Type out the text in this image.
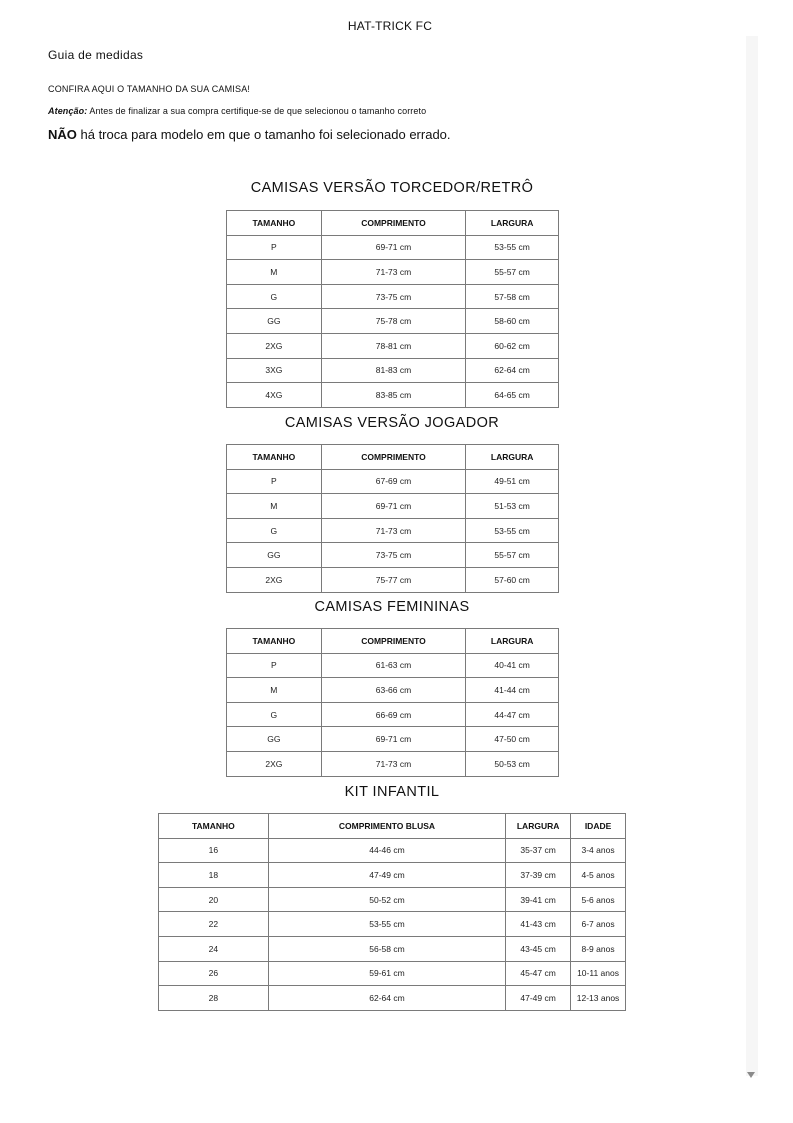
HAT-TRICK FC
Guia de medidas
CONFIRA AQUI O TAMANHO DA SUA CAMISA!
Atenção: Antes de finalizar a sua compra certifique-se de que selecionou o tamanho correto
NÃO há troca para modelo em que o tamanho foi selecionado errado.
CAMISAS VERSÃO TORCEDOR/RETRÔ
TAMANHO	COMPRIMENTO	LARGURA
P	69-71 cm	53-55 cm
M	71-73 cm	55-57 cm
G	73-75 cm	57-58 cm
GG	75-78 cm	58-60 cm
2XG	78-81 cm	60-62 cm
3XG	81-83 cm	62-64 cm
4XG	83-85 cm	64-65 cm
CAMISAS VERSÃO JOGADOR
TAMANHO	COMPRIMENTO	LARGURA
P	67-69 cm	49-51 cm
M	69-71 cm	51-53 cm
G	71-73 cm	53-55 cm
GG	73-75 cm	55-57 cm
2XG	75-77 cm	57-60 cm
CAMISAS FEMININAS
TAMANHO	COMPRIMENTO	LARGURA
P	61-63 cm	40-41 cm
M	63-66 cm	41-44 cm
G	66-69 cm	44-47 cm
GG	69-71 cm	47-50 cm
2XG	71-73 cm	50-53 cm
KIT INFANTIL
TAMANHO	COMPRIMENTO BLUSA	LARGURA	IDADE
16	44-46 cm	35-37 cm	3-4 anos
18	47-49 cm	37-39 cm	4-5 anos
20	50-52 cm	39-41 cm	5-6 anos
22	53-55 cm	41-43 cm	6-7 anos
24	56-58 cm	43-45 cm	8-9 anos
26	59-61 cm	45-47 cm	10-11 anos
28	62-64 cm	47-49 cm	12-13 anos
